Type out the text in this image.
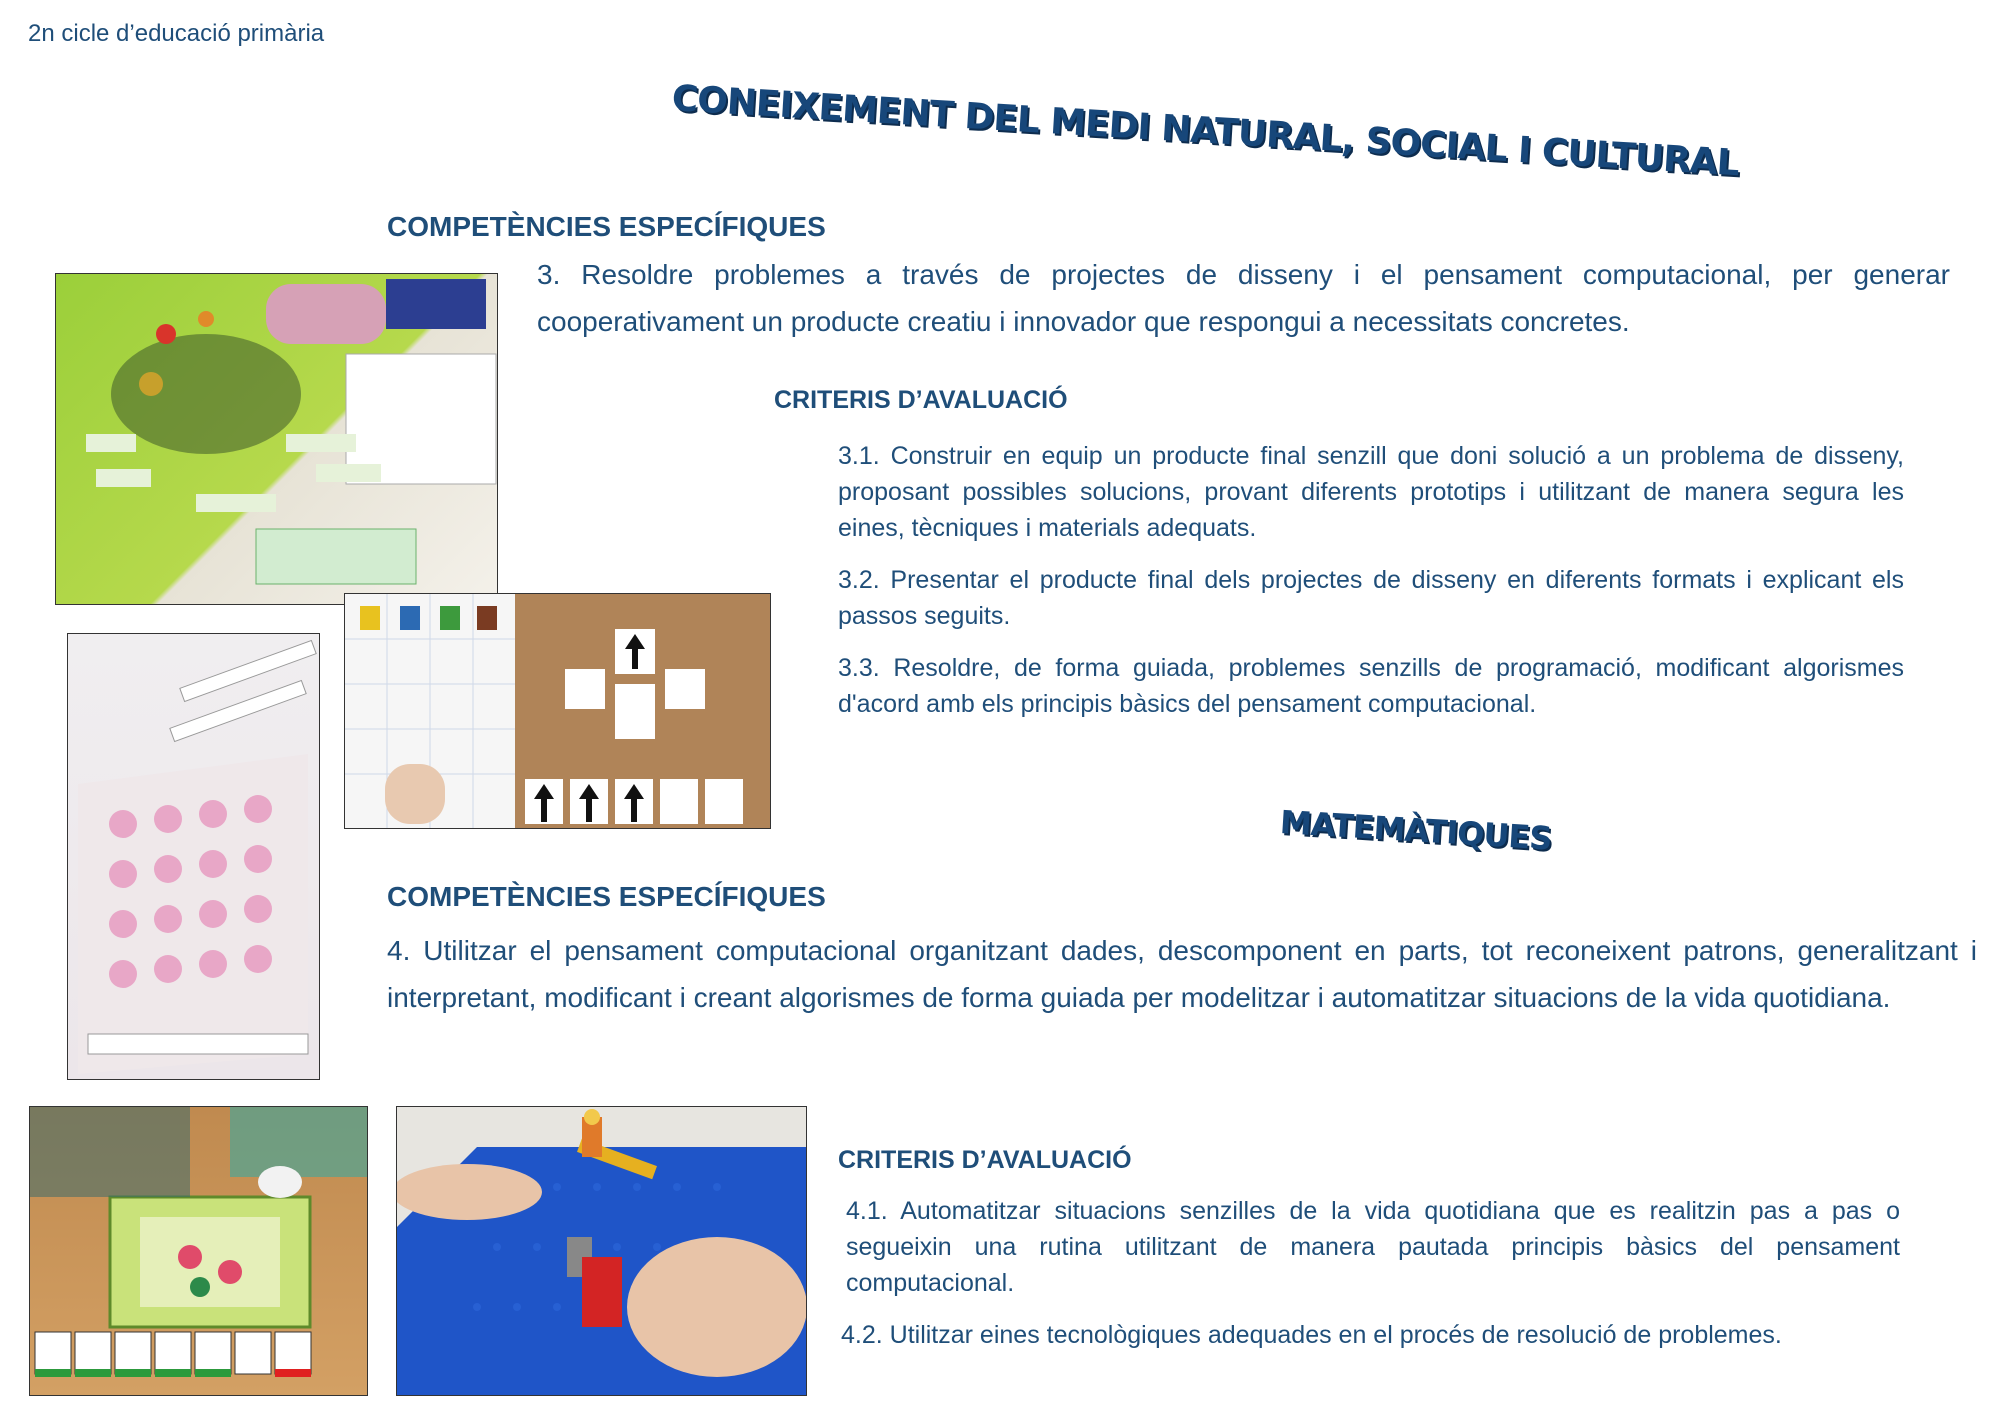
2n cicle d’educació primària
CONEIXEMENT DEL MEDI NATURAL, SOCIAL I CULTURAL
COMPETÈNCIES ESPECÍFIQUES
3. Resoldre problemes a través de projectes de disseny i el pensament computacional, per generar cooperativament un producte creatiu i innovador que respongui a necessitats concretes.
CRITERIS D’AVALUACIÓ

3.1. Construir en equip un producte final senzill que doni solució a un problema de disseny, proposant possibles solucions, provant diferents prototips i utilitzant de manera segura les eines, tècniques i materials adequats.

3.2. Presentar el producte final dels projectes de disseny en diferents formats i explicant els passos seguits.

3.3. Resoldre, de forma guiada, problemes senzills de programació, modificant algorismes d'acord amb els principis bàsics del pensament computacional.

MATEMÀTIQUES
COMPETÈNCIES ESPECÍFIQUES
4. Utilitzar el pensament computacional organitzant dades, descomponent en parts, tot reconeixent patrons, generalitzant i interpretant, modificant i creant algorismes de forma guiada per modelitzar i automatitzar situacions de la vida quotidiana.
CRITERIS D’AVALUACIÓ

4.1. Automatitzar situacions senzilles de la vida quotidiana que es realitzin pas a pas o segueixin una rutina utilitzant de manera pautada principis bàsics del pensament computacional.

4.2. Utilitzar eines tecnològiques adequades en el procés de resolució de problemes.
